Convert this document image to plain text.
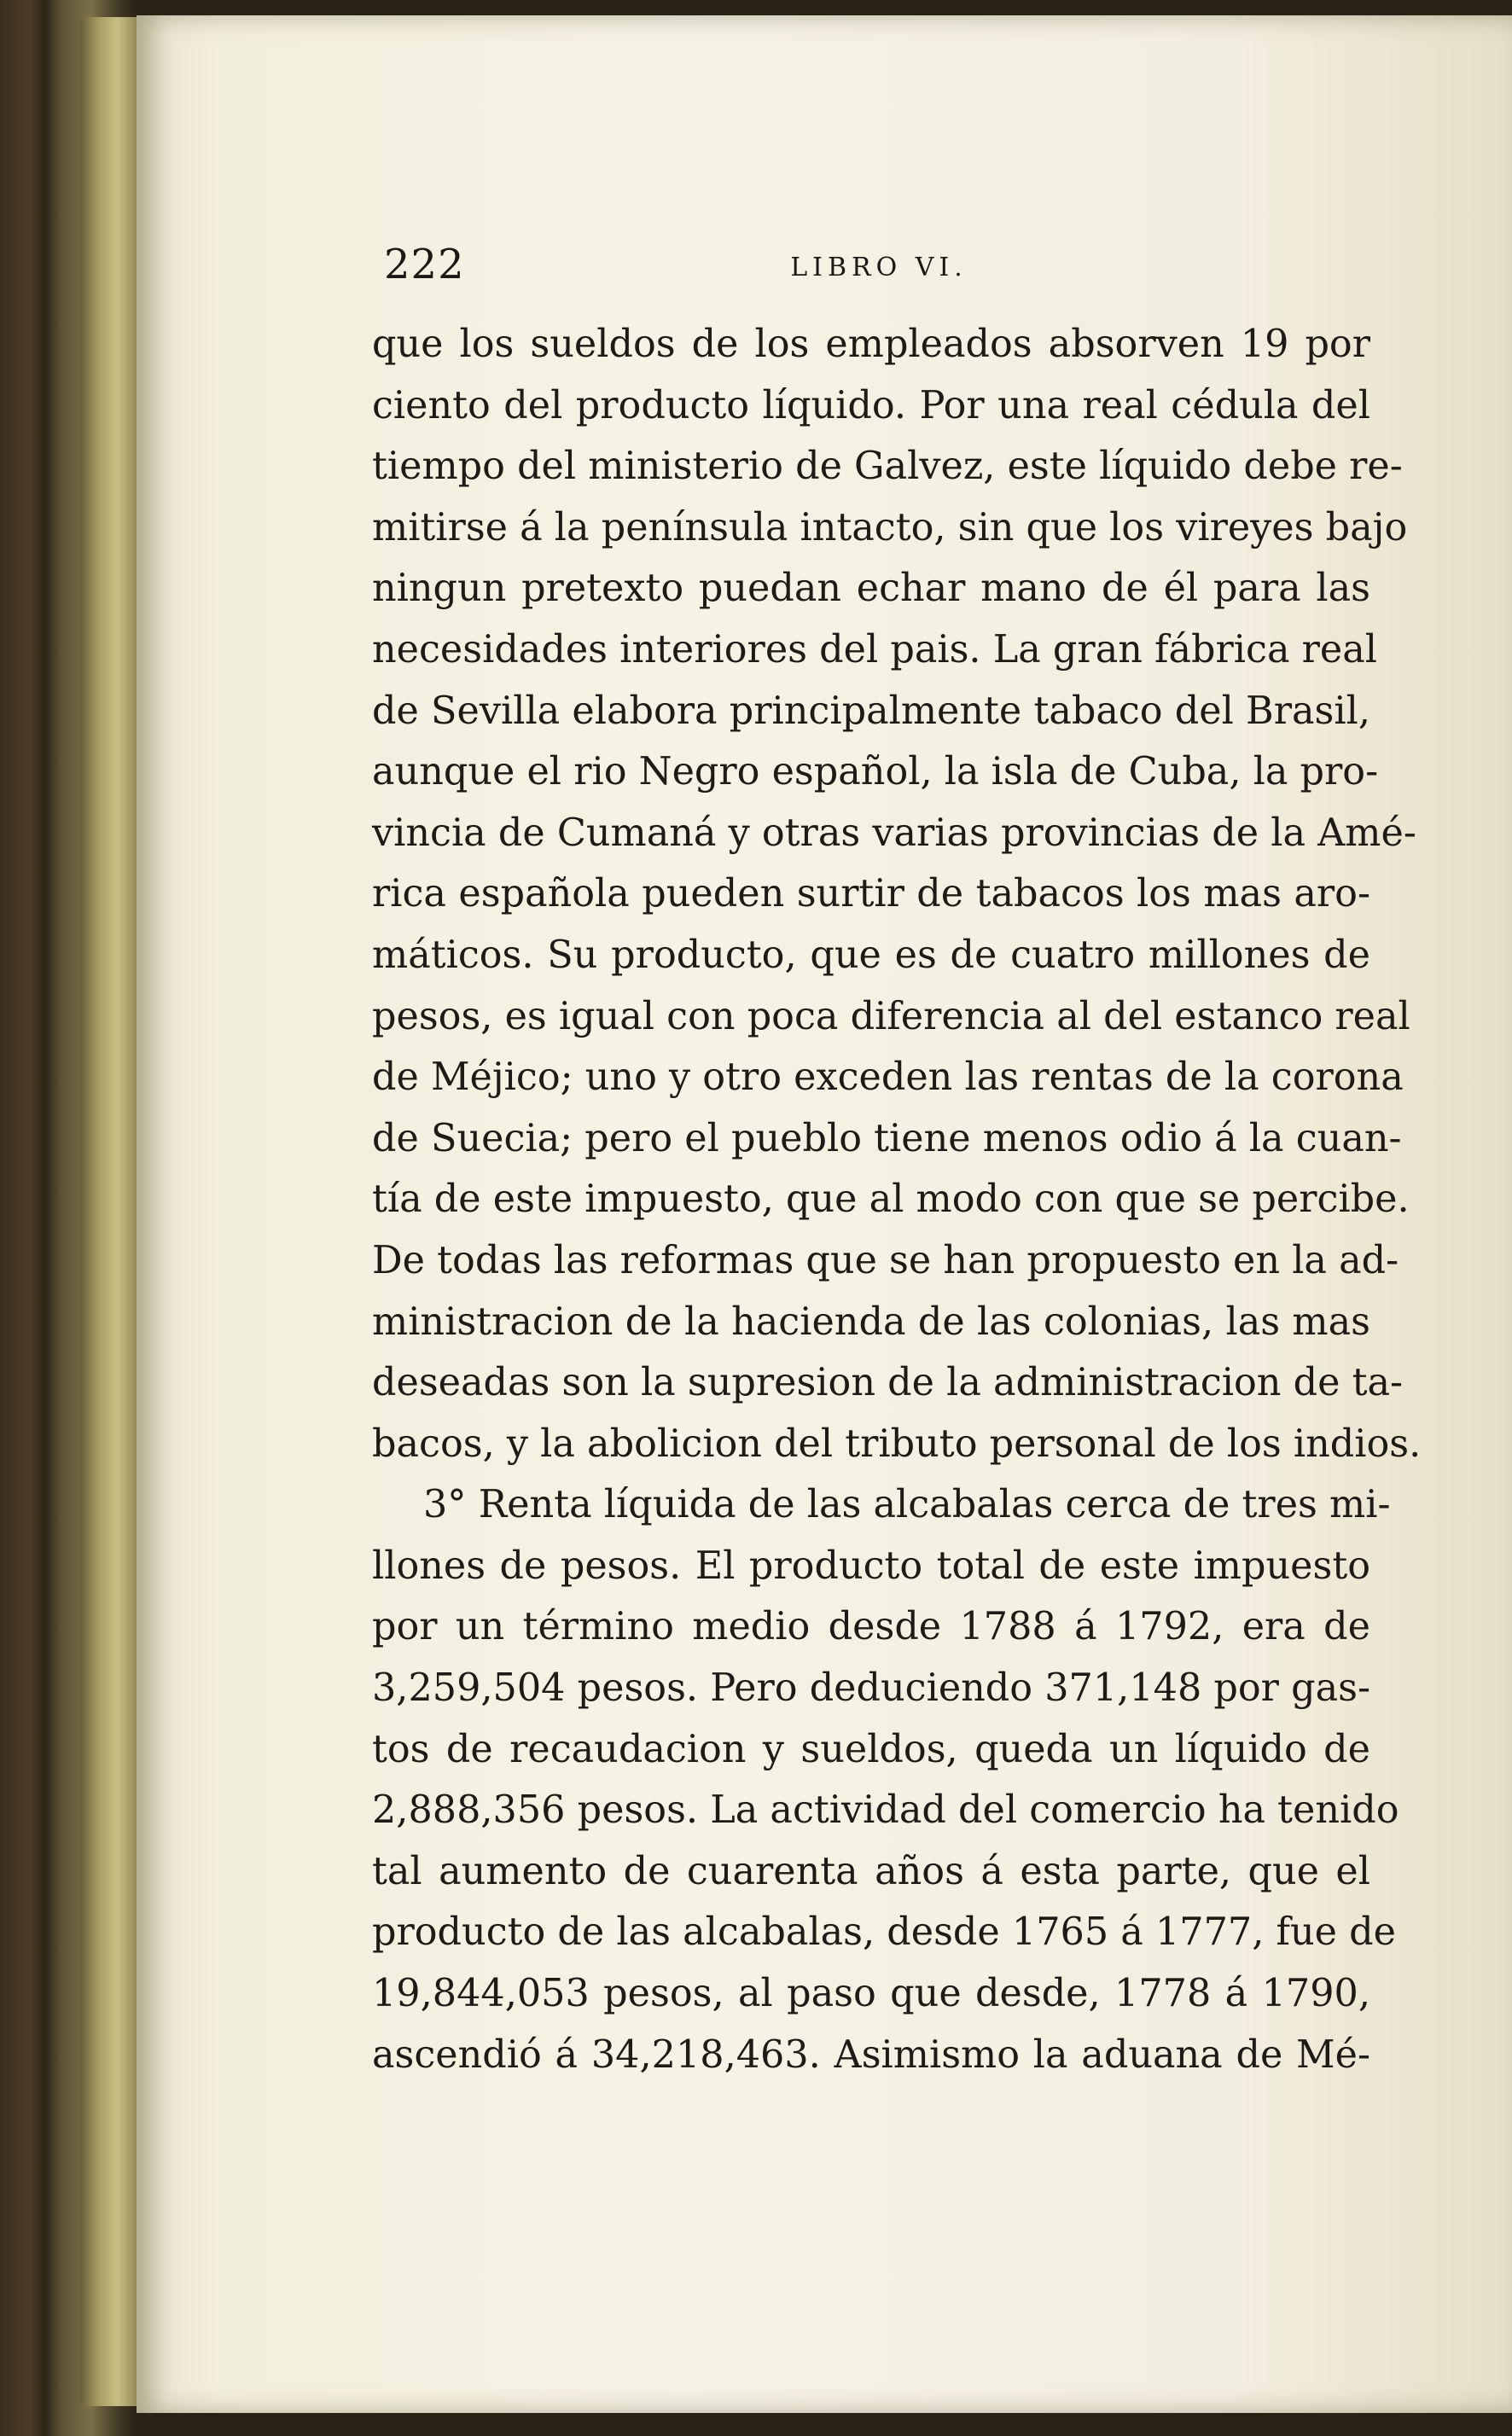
222	LIBRO VI.
que los sueldos de los empleados absorven 19 por
ciento del producto líquido. Por una real cédula del
tiempo del ministerio de Galvez, este líquido debe re-
mitirse á la península intacto, sin que los vireyes bajo
ningun pretexto puedan echar mano de él para las
necesidades interiores del pais. La gran fábrica real
de Sevilla elabora principalmente tabaco del Brasil,
aunque el rio Negro español, la isla de Cuba, la pro-
vincia de Cumaná y otras varias provincias de la Amé-
rica española pueden surtir de tabacos los mas aro-
máticos. Su producto, que es de cuatro millones de
pesos, es igual con poca diferencia al del estanco real
de Méjico; uno y otro exceden las rentas de la corona
de Suecia; pero el pueblo tiene menos odio á la cuan-
tía de este impuesto, que al modo con que se percibe.
De todas las reformas que se han propuesto en la ad-
ministracion de la hacienda de las colonias, las mas
deseadas son la supresion de la administracion de ta-
bacos, y la abolicion del tributo personal de los indios.
3° Renta líquida de las alcabalas cerca de tres mi-
llones de pesos. El producto total de este impuesto
por un término medio desde 1788 á 1792, era de
3,259,504 pesos. Pero deduciendo 371,148 por gas-
tos de recaudacion y sueldos, queda un líquido de
2,888,356 pesos. La actividad del comercio ha tenido
tal aumento de cuarenta años á esta parte, que el
producto de las alcabalas, desde 1765 á 1777, fue de
19,844,053 pesos, al paso que desde, 1778 á 1790,
ascendió á 34,218,463. Asimismo la aduana de Mé-
